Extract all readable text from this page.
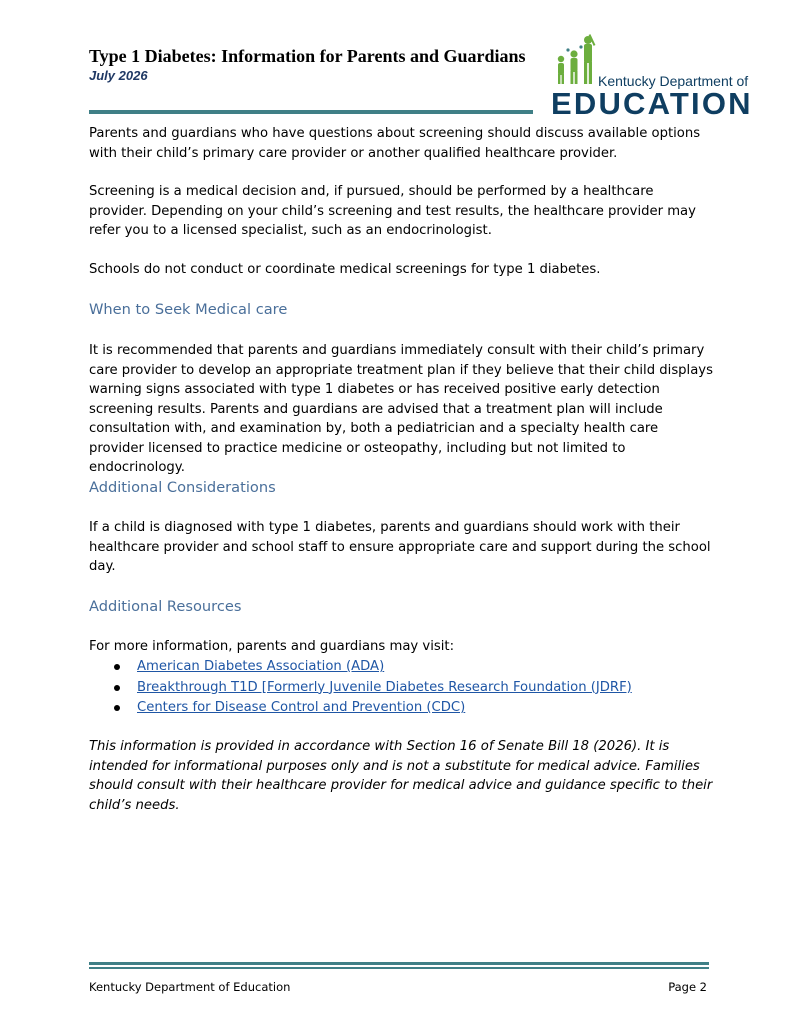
Type 1 Diabetes: Information for Parents and Guardians
July 2026	Kentucky Department of
EDUCATION

Parents and guardians who have questions about screening should discuss available options with their child’s primary care provider or another qualified healthcare provider.

Screening is a medical decision and, if pursued, should be performed by a healthcare provider. Depending on your child’s screening and test results, the healthcare provider may refer you to a licensed specialist, such as an endocrinologist.

Schools do not conduct or coordinate medical screenings for type 1 diabetes.

When to Seek Medical care

It is recommended that parents and guardians immediately consult with their child’s primary care provider to develop an appropriate treatment plan if they believe that their child displays warning signs associated with type 1 diabetes or has received positive early detection screening results. Parents and guardians are advised that a treatment plan will include consultation with, and examination by, both a pediatrician and a specialty health care provider licensed to practice medicine or osteopathy, including but not limited to endocrinology.

Additional Considerations

If a child is diagnosed with type 1 diabetes, parents and guardians should work with their healthcare provider and school staff to ensure appropriate care and support during the school day.

Additional Resources

For more information, parents and guardians may visit:

American Diabetes Association (ADA)
Breakthrough T1D [Formerly Juvenile Diabetes Research Foundation (JDRF)
Centers for Disease Control and Prevention (CDC)

This information is provided in accordance with Section 16 of Senate Bill 18 (2026). It is intended for informational purposes only and is not a substitute for medical advice. Families should consult with their healthcare provider for medical advice and guidance specific to their child’s needs.

Kentucky Department of Education	Page 2
